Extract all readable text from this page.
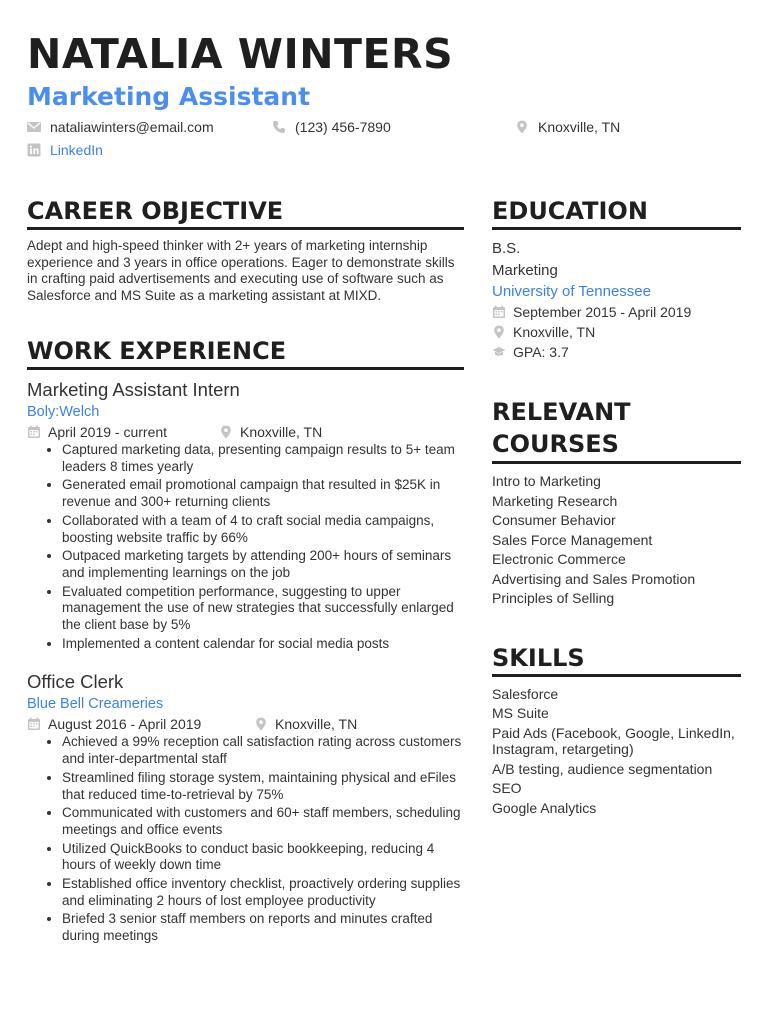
NATALIA WINTERS
Marketing Assistant
nataliawinters@email.com	(123) 456-7890	Knoxville, TN
LinkedIn
CAREER OBJECTIVE

Adept and high-speed thinker with 2+ years of marketing internship experience and 3 years in office operations. Eager to demonstrate skills in crafting paid advertisements and executing use of software such as Salesforce and MS Suite as a marketing assistant at MIXD.

WORK EXPERIENCE
Marketing Assistant Intern
Boly:Welch
April 2019 - current	Knoxville, TN
• Captured marketing data, presenting campaign results to 5+ team leaders 8 times yearly
• Generated email promotional campaign that resulted in $25K in revenue and 300+ returning clients
• Collaborated with a team of 4 to craft social media campaigns, boosting website traffic by 66%
• Outpaced marketing targets by attending 200+ hours of seminars and implementing learnings on the job
• Evaluated competition performance, suggesting to upper management the use of new strategies that successfully enlarged the client base by 5%
• Implemented a content calendar for social media posts
Office Clerk
Blue Bell Creameries
August 2016 - April 2019	Knoxville, TN
• Achieved a 99% reception call satisfaction rating across customers and inter-departmental staff
• Streamlined filing storage system, maintaining physical and eFiles that reduced time-to-retrieval by 75%
• Communicated with customers and 60+ staff members, scheduling meetings and office events
• Utilized QuickBooks to conduct basic bookkeeping, reducing 4 hours of weekly down time
• Established office inventory checklist, proactively ordering supplies and eliminating 2 hours of lost employee productivity
• Briefed 3 senior staff members on reports and minutes crafted during meetings
EDUCATION
B.S.
Marketing
University of Tennessee
September 2015 - April 2019
Knoxville, TN
GPA: 3.7
RELEVANT
COURSES
Intro to Marketing
Marketing Research
Consumer Behavior
Sales Force Management
Electronic Commerce
Advertising and Sales Promotion
Principles of Selling
SKILLS
Salesforce
MS Suite
Paid Ads (Facebook, Google, LinkedIn, Instagram, retargeting)
A/B testing, audience segmentation
SEO
Google Analytics
